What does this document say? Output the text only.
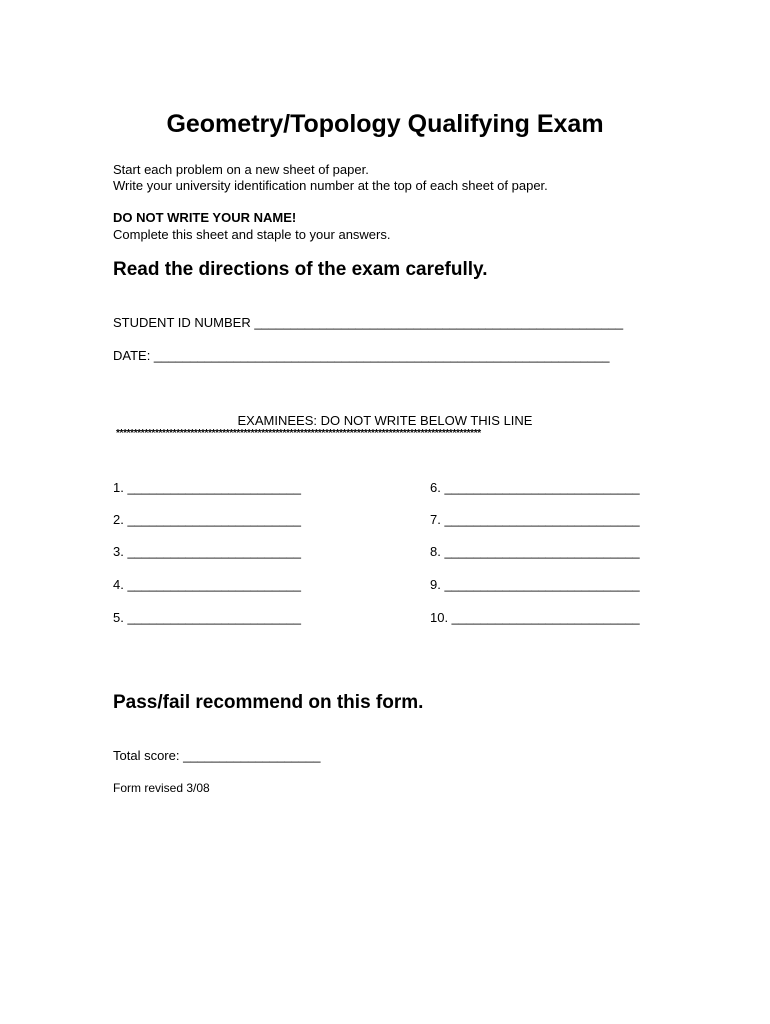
Geometry/Topology Qualifying Exam
Start each problem on a new sheet of paper.
Write your university identification number at the top of each sheet of paper.
DO NOT WRITE YOUR NAME!
Complete this sheet and staple to your answers.
Read the directions of the exam carefully.
STUDENT ID NUMBER ___________________________________________________
DATE: _______________________________________________________________
EXAMINEES: DO NOT WRITE BELOW THIS LINE
*******************************************************************************************************
1. ________________________
2. ________________________
3. ________________________
4. ________________________
5. ________________________
6. ___________________________
7. ___________________________
8. ___________________________
9. ___________________________
10. __________________________
Pass/fail recommend on this form.
Total score: ___________________
Form revised 3/08
